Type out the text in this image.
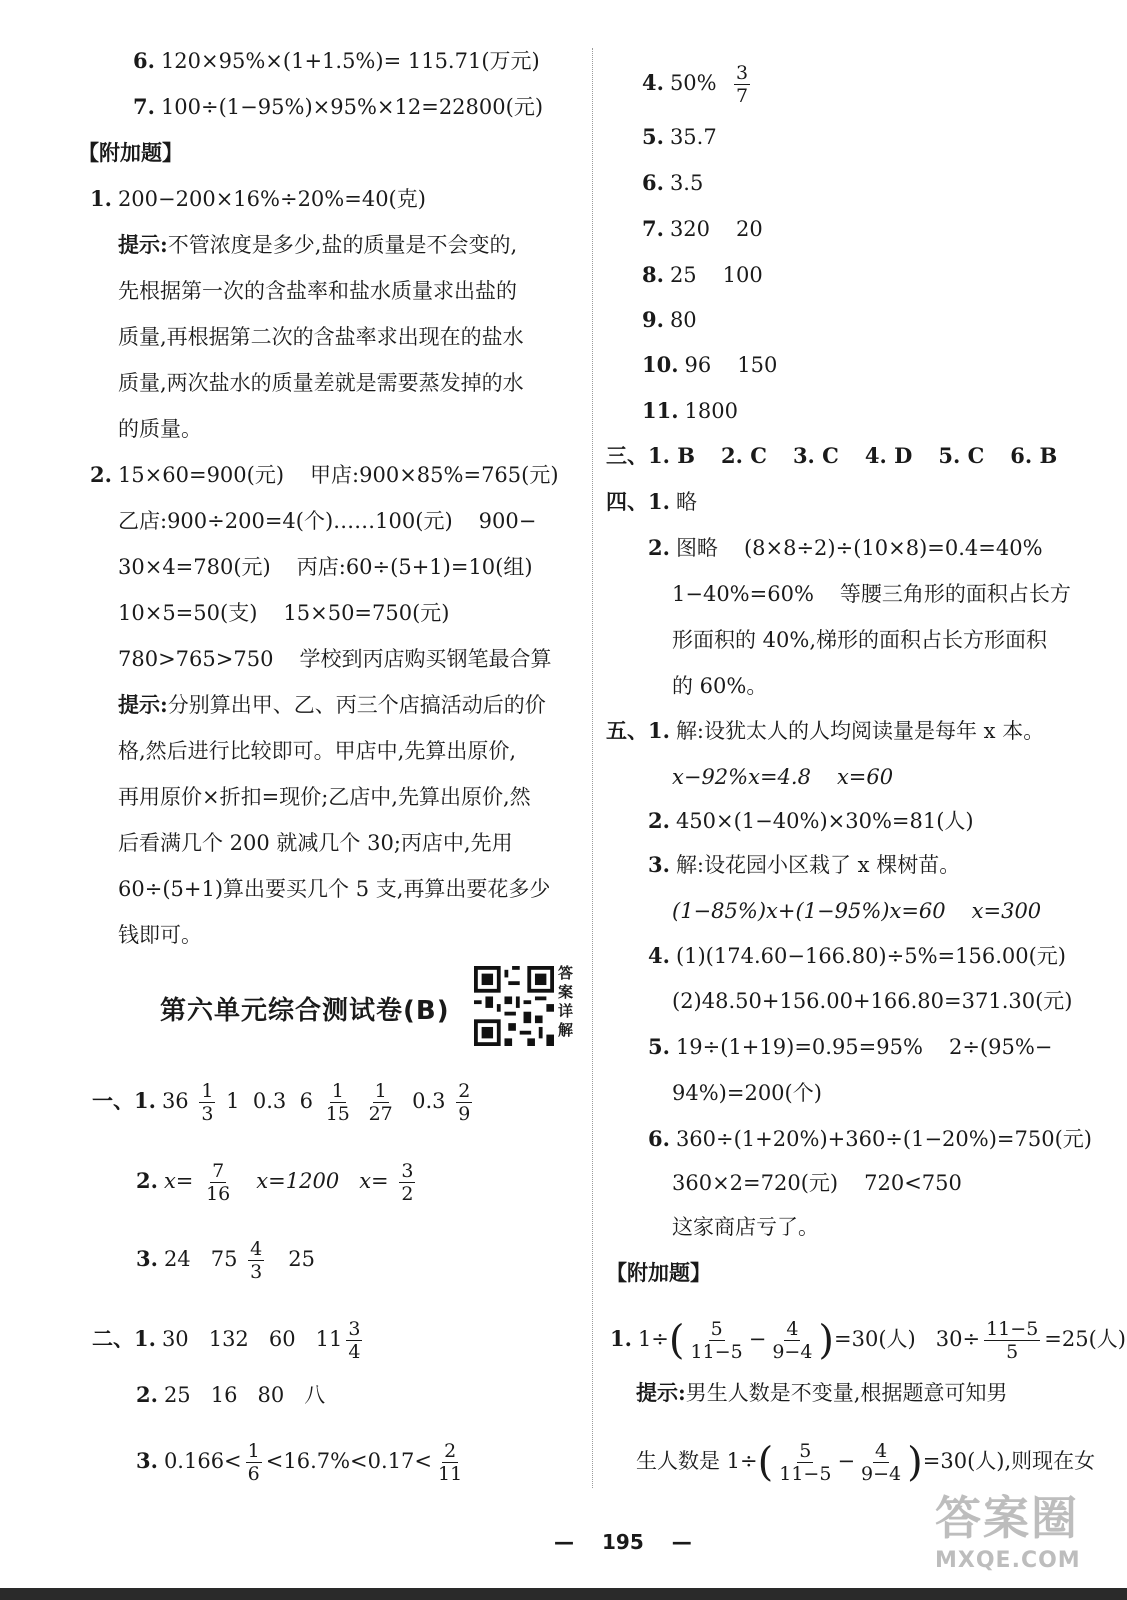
6. 120×95%×(1+1.5%)= 115.71(万元)
7. 100÷(1−95%)×95%×12=22800(元)
【附加题】
1. 200−200×16%÷20%=40(克)
提示:不管浓度是多少,盐的质量是不会变的,
先根据第一次的含盐率和盐水质量求出盐的
质量,再根据第二次的含盐率求出现在的盐水
质量,两次盐水的质量差就是需要蒸发掉的水
的质量。
2. 15×60=900(元) 甲店:900×85%=765(元)
乙店:900÷200=4(个)……100(元) 900−
30×4=780(元) 丙店:60÷(5+1)=10(组)
10×5=50(支) 15×50=750(元)
780>765>750 学校到丙店购买钢笔最合算
提示:分别算出甲、乙、丙三个店搞活动后的价
格,然后进行比较即可。甲店中,先算出原价,
再用原价×折扣=现价;乙店中,先算出原价,然
后看满几个 200 就减几个 30;丙店中,先用
60÷(5+1)算出要买几个 5 支,再算出要花多少
钱即可。
第六单元综合测试卷(B)
答案详解
一、1. $36 \frac{1}{3} 1$ 0.3 $6 \frac{1}{15}$
$\frac{1}{27} 0.3 \frac{2}{9}$
2. $x= \frac{7}{16} x=1200$ $x= \frac{3}{2}$
3. 24 $75 \frac{4}{3} 25$
二、1. 30 132 60 $11 \frac{3}{4}$
2. 25 16 80 八
3. $0.166< \frac{1}{6} <16.7\%<0.17< \frac{2}{11}$
4. $50\% \frac{3}{7}$
5. 35.7
6. 3.5
7. 320 20
8. 25 100
9. 80
10. 96 150
11. 1800
三、1. B 2. C 3. C 4. D 5. C 6. B
四、1. 略
2. 图略 (8×8÷2)÷(10×8)=0.4=40%
1−40%=60% 等腰三角形的面积占长方
形面积的 40%,梯形的面积占长方形面积
的 60%。
五、1. 解:设犹太人的人均阅读量是每年 x 本。
x−92%x=4.8 x=60
2. 450×(1−40%)×30%=81(人)
3. 解:设花园小区栽了 x 棵树苗。
(1−85%)x+(1−95%)x=60 x=300
4. (1)(174.60−166.80)÷5%=156.00(元)
(2)48.50+156.00+166.80=371.30(元)
5. 19÷(1+19)=0.95=95% 2÷(95%−
94%)=200(个)
6. 360÷(1+20%)+360÷(1−20%)=750(元)
360×2=720(元) 720<750
这家商店亏了。
【附加题】
1. $1\div( \frac{5}{11-5} - \frac{4}{9-4} )=30$(人) $30\div \frac{11-5}{5} =25$(人)
提示:男生人数是不变量,根据题意可知男
生人数是 $1\div( \frac{5}{11-5} - \frac{4}{9-4} )=30$(人),则现在女
— 195 —	答案圈
MXQE.COM
